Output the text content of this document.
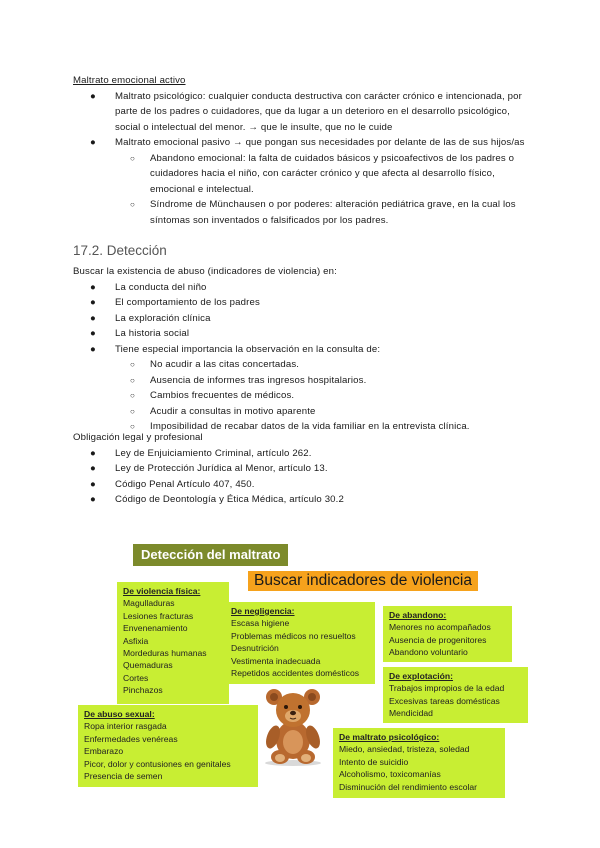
Maltrato emocional activo
● Maltrato psicológico: cualquier conducta destructiva con carácter crónico e intencionada, por parte de los padres o cuidadores, que da lugar a un deterioro en el desarrollo psicológico, social o intelectual del menor. → que le insulte, que no le cuide
● Maltrato emocional pasivo → que pongan sus necesidades por delante de las de sus hijos/as
○ Abandono emocional: la falta de cuidados básicos y psicoafectivos de los padres o cuidadores hacia el niño, con carácter crónico y que afecta al desarrollo físico, emocional e intelectual.
○ Síndrome de Münchausen o por poderes: alteración pediátrica grave, en la cual los síntomas son inventados o falsificados por los padres.
17.2. Detección
Buscar la existencia de abuso (indicadores de violencia) en:
● La conducta del niño
● El comportamiento de los padres
● La exploración clínica
● La historia social
● Tiene especial importancia la observación en la consulta de:
○ No acudir a las citas concertadas.
○ Ausencia de informes tras ingresos hospitalarios.
○ Cambios frecuentes de médicos.
○ Acudir a consultas in motivo aparente
○ Imposibilidad de recabar datos de la vida familiar en la entrevista clínica.
Obligación legal y profesional
● Ley de Enjuiciamiento Criminal, artículo 262.
● Ley de Protección Jurídica al Menor, artículo 13.
● Código Penal Artículo 407, 450.
● Código de Deontología y Ética Médica, artículo 30.2
Detección del maltrato
Buscar indicadores de violencia
De violencia física:
Magulladuras
Lesiones fracturas
Envenenamiento
Asfixia
Mordeduras humanas
Quemaduras
Cortes
Pinchazos
De negligencia:
Escasa higiene
Problemas médicos no resueltos
Desnutrición
Vestimenta inadecuada
Repetidos accidentes domésticos
De abandono:
Menores no acompañados
Ausencia de progenitores
Abandono voluntario
De explotación:
Trabajos impropios de la edad
Excesivas tareas domésticas
Mendicidad
De abuso sexual:
Ropa interior rasgada
Enfermedades venéreas
Embarazo
Picor, dolor y contusiones en genitales
Presencia de semen
De maltrato psicológico:
Miedo, ansiedad, tristeza, soledad
Intento de suicidio
Alcoholismo, toxicomanías
Disminución del rendimiento escolar
